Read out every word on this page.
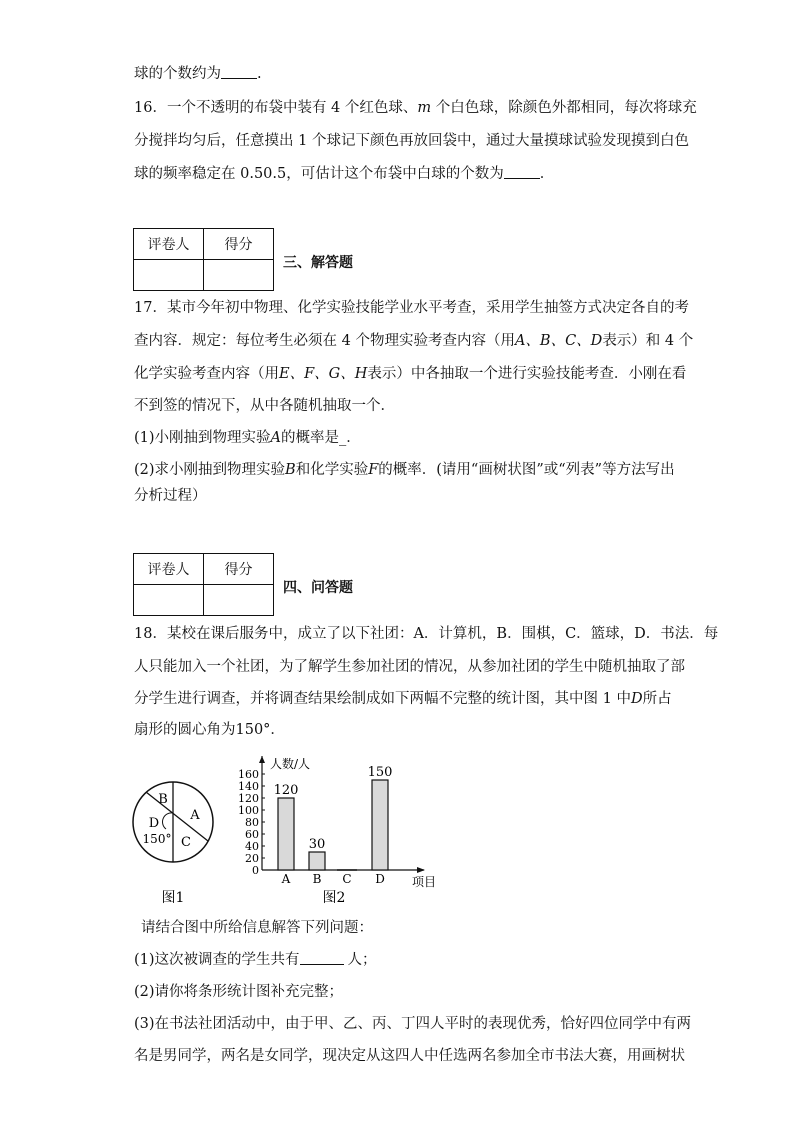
球的个数约为 .
16．一个不透明的布袋中装有 4 个红色球、m 个白色球，除颜色外都相同，每次将球充
分搅拌均匀后，任意摸出 1 个球记下颜色再放回袋中，通过大量摸球试验发现摸到白色
球的频率稳定在 0.50.5，可估计这个布袋中白球的个数为 ．
评卷人	得分

三、解答题
17．某市今年初中物理、化学实验技能学业水平考查，采用学生抽签方式决定各自的考
查内容．规定：每位考生必须在 4 个物理实验考查内容（用A、B、C、D表示）和 4 个
化学实验考查内容（用E、F、G、H表示）中各抽取一个进行实验技能考查．小刚在看
不到签的情况下，从中各随机抽取一个．
(1)小刚抽到物理实验A的概率是_．
(2)求小刚抽到物理实验B和化学实验F的概率．(请用“画树状图”或“列表”等方法写出
分析过程）
评卷人	得分

四、问答题
18．某校在课后服务中，成立了以下社团：A．计算机，B．围棋，C．篮球，D．书法．每
人只能加入一个社团，为了解学生参加社团的情况，从参加社团的学生中随机抽取了部
分学生进行调查，并将调查结果绘制成如下两幅不完整的统计图，其中图 1 中D所占
扇形的圆心角为150°．
B
A
D
C
150°
图1
0
20
40
60
80
100
120
140
160
人数/人
项目
120
A
30
B C
150
D
图2
请结合图中所给信息解答下列问题：
(1)这次被调查的学生共有	人；
(2)请你将条形统计图补充完整；
(3)在书法社团活动中，由于甲、乙、丙、丁四人平时的表现优秀，恰好四位同学中有两
名是男同学，两名是女同学，现决定从这四人中任选两名参加全市书法大赛，用画树状
